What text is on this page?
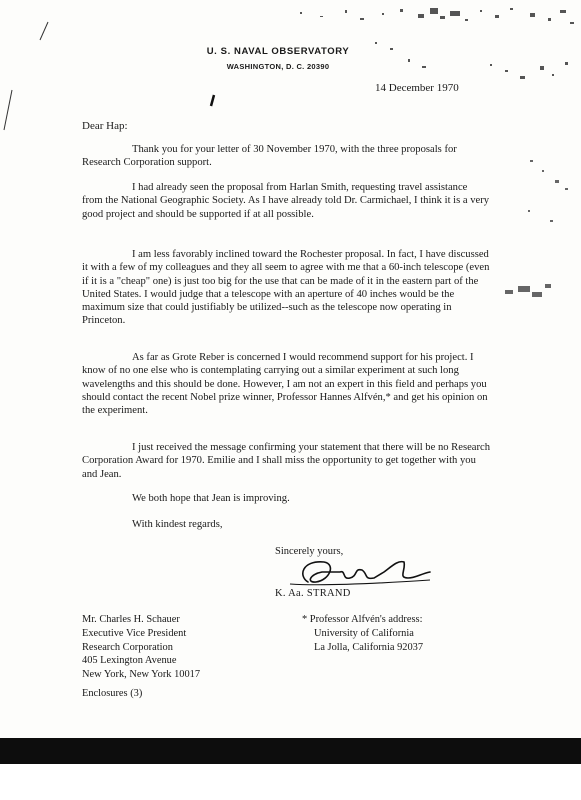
U. S. NAVAL OBSERVATORY
WASHINGTON, D. C. 20390
14 December 1970
Dear Hap:

Thank you for your letter of 30 November 1970, with the three proposals for Research Corporation support.

I had already seen the proposal from Harlan Smith, requesting travel assistance from the National Geographic Society. As I have already told Dr. Carmichael, I think it is a very good project and should be supported if at all possible.

I am less favorably inclined toward the Rochester proposal. In fact, I have discussed it with a few of my colleagues and they all seem to agree with me that a 60-inch telescope (even if it is a "cheap" one) is just too big for the use that can be made of it in the eastern part of the United States. I would judge that a telescope with an aperture of 40 inches would be the maximum size that could justifiably be utilized--such as the telescope now operating in Princeton.

As far as Grote Reber is concerned I would recommend support for his project. I know of no one else who is contemplating carrying out a similar experiment at such long wavelengths and this should be done. However, I am not an expert in this field and perhaps you should contact the recent Nobel prize winner, Professor Hannes Alfvén,* and get his opinion on the experiment.

I just received the message confirming your statement that there will be no Research Corporation Award for 1970. Emilie and I shall miss the opportunity to get together with you and Jean.

We both hope that Jean is improving.

With kindest regards,

Sincerely yours,
K. Aa. STRAND
Mr. Charles H. Schauer
Executive Vice President
Research Corporation
405 Lexington Avenue
New York, New York 10017
* Professor Alfvén's address:
University of California
La Jolla, California 92037
Enclosures (3)
